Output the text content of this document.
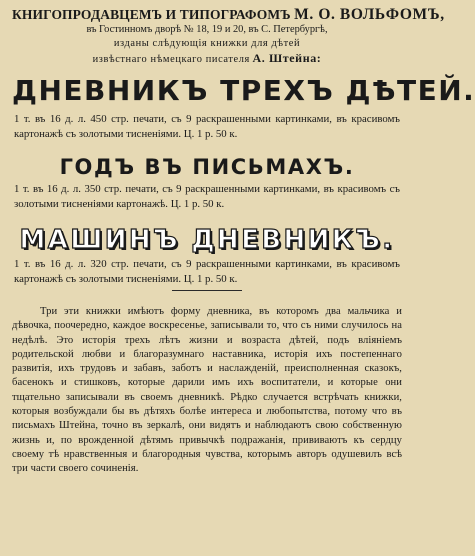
КНИГОПРОДАВЦЕМЪ И ТИПОГРАФОМЪ М. О. ВОЛЬФОМЪ,

въ Гостинномъ дворѣ № 18, 19 и 20, въ С. Петербургѣ,

изданы слѣдующія книжки для дѣтей

извѣстнаго нѣмецкаго писателя А. Штейна:

ДНЕВНИКЪ ТРЕХЪ ДѢТЕЙ.

1 т. въ 16 д. л. 450 стр. печати, съ 9 раскрашенными картинками, въ красивомъ картонажѣ съ золотыми тисненіями. Ц. 1 р. 50 к.

ГОДЪ ВЪ ПИСЬМАХЪ.

1 т. въ 16 д. л. 350 стр. печати, съ 9 раскрашенными картинками, въ красивомъ съ золотыми тисненіями картонажѣ. Ц. 1 р. 50 к.

МАШИНЪ ДНЕВНИКЪ.

1 т. въ 16 д. л. 320 стр. печати, съ 9 раскрашенными картинками, въ красивомъ картонажѣ съ золотыми тисненіями. Ц. 1 р. 50 к.

Три эти книжки имѣютъ форму дневника, въ которомъ два мальчика и дѣвочка, поочередно, каждое воскресенье, записывали то, что съ ними случилось на недѣлѣ. Это исторія трехъ лѣтъ жизни и возраста дѣтей, подъ вліяніемъ родительской любви и благоразумнаго наставника, исторія ихъ постепеннаго развитія, ихъ трудовъ и забавъ, заботъ и наслажденій, преисполненная сказокъ, басенокъ и стишковъ, которые дарили имъ ихъ воспитатели, и которые они тщательно записывали въ своемъ дневникѣ. Рѣдко случается встрѣчать книжки, которыя возбуждали бы въ дѣтяхъ болѣе интереса и любопытства, потому что въ письмахъ Штейна, точно въ зеркалѣ, они видятъ и наблюдаютъ свою собственную жизнь и, по врожденной дѣтямъ привычкѣ подражанія, прививаютъ къ сердцу своему тѣ нравственныя и благородныя чувства, которымъ авторъ одушевилъ всѣ три части своего сочиненія.
